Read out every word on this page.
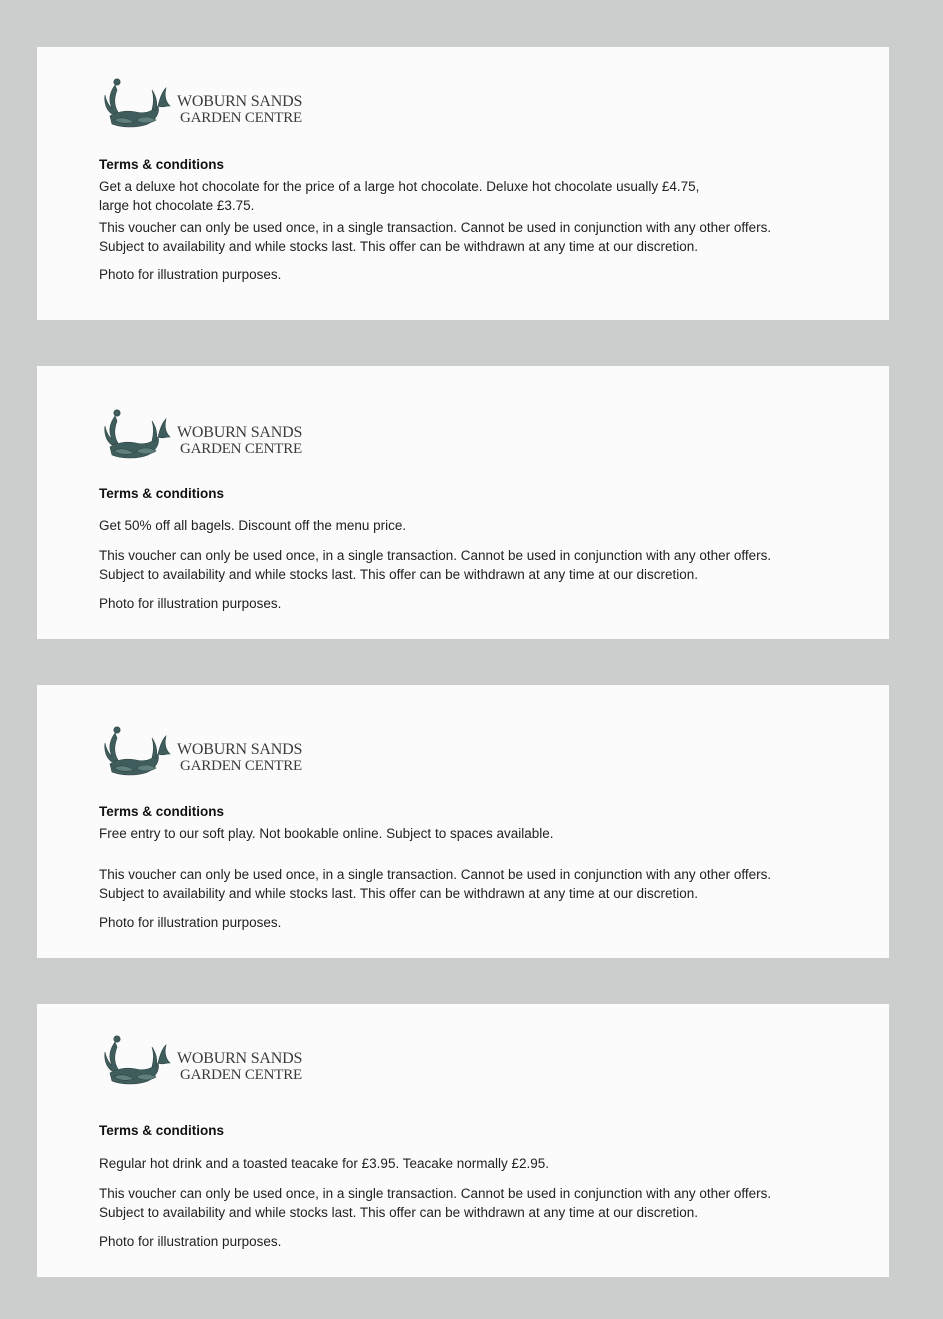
WOBURN SANDS
GARDEN CENTRE
Terms & conditions
Get a deluxe hot chocolate for the price of a large hot chocolate. Deluxe hot chocolate usually £4.75,
large hot chocolate £3.75.
This voucher can only be used once, in a single transaction. Cannot be used in conjunction with any other offers.
Subject to availability and while stocks last. This offer can be withdrawn at any time at our discretion.
Photo for illustration purposes.
WOBURN SANDS
GARDEN CENTRE
Terms & conditions
Get 50% off all bagels. Discount off the menu price.
This voucher can only be used once, in a single transaction. Cannot be used in conjunction with any other offers.
Subject to availability and while stocks last. This offer can be withdrawn at any time at our discretion.
Photo for illustration purposes.
WOBURN SANDS
GARDEN CENTRE
Terms & conditions
Free entry to our soft play. Not bookable online. Subject to spaces available.
This voucher can only be used once, in a single transaction. Cannot be used in conjunction with any other offers.
Subject to availability and while stocks last. This offer can be withdrawn at any time at our discretion.
Photo for illustration purposes.
WOBURN SANDS
GARDEN CENTRE
Terms & conditions
Regular hot drink and a toasted teacake for £3.95. Teacake normally £2.95.
This voucher can only be used once, in a single transaction. Cannot be used in conjunction with any other offers.
Subject to availability and while stocks last. This offer can be withdrawn at any time at our discretion.
Photo for illustration purposes.
